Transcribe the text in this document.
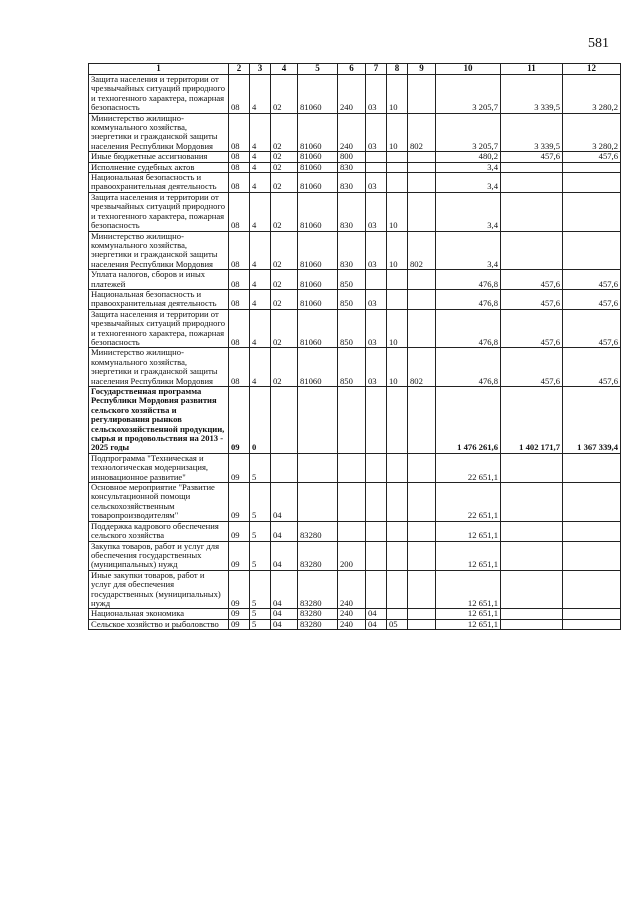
581
1	2	3	4	5	6	7	8	9	10	11	12
Защита населения и территории от чрезвычайных ситуаций природного и техногенного характера, пожарная безопасность	08	4	02	81060	240	03	10		3 205,7	3 339,5	3 280,2
Министерство жилищно-коммунального хозяйства, энергетики и гражданской защиты населения Республики Мордовия	08	4	02	81060	240	03	10	802	3 205,7	3 339,5	3 280,2
Иные бюджетные ассигнования	08	4	02	81060	800				480,2	457,6	457,6
Исполнение судебных актов	08	4	02	81060	830				3,4		
Национальная безопасность и правоохранительная деятельность	08	4	02	81060	830	03			3,4		
Защита населения и территории от чрезвычайных ситуаций природного и техногенного характера, пожарная безопасность	08	4	02	81060	830	03	10		3,4		
Министерство жилищно-коммунального хозяйства, энергетики и гражданской защиты населения Республики Мордовия	08	4	02	81060	830	03	10	802	3,4		
Уплата налогов, сборов и иных платежей	08	4	02	81060	850				476,8	457,6	457,6
Национальная безопасность и правоохранительная деятельность	08	4	02	81060	850	03			476,8	457,6	457,6
Защита населения и территории от чрезвычайных ситуаций природного и техногенного характера, пожарная безопасность	08	4	02	81060	850	03	10		476,8	457,6	457,6
Министерство жилищно-коммунального хозяйства, энергетики и гражданской защиты населения Республики Мордовия	08	4	02	81060	850	03	10	802	476,8	457,6	457,6
Государственная программа Республики Мордовия развития сельского хозяйства и регулирования рынков сельскохозяйственной продукции, сырья и продовольствия на 2013 - 2025 годы	09	0							1 476 261,6	1 402 171,7	1 367 339,4
Подпрограмма "Техническая и технологическая модернизация, инновационное развитие"	09	5							22 651,1		
Основное мероприятие "Развитие консультационной помощи сельскохозяйственным товаропроизводителям"	09	5	04						22 651,1		
Поддержка кадрового обеспечения сельского хозяйства	09	5	04	83280					12 651,1		
Закупка товаров, работ и услуг для обеспечения государственных (муниципальных) нужд	09	5	04	83280	200				12 651,1		
Иные закупки товаров, работ и услуг для обеспечения государственных (муниципальных) нужд	09	5	04	83280	240				12 651,1		
Национальная экономика	09	5	04	83280	240	04			12 651,1		
Сельское хозяйство и рыболовство	09	5	04	83280	240	04	05		12 651,1		
